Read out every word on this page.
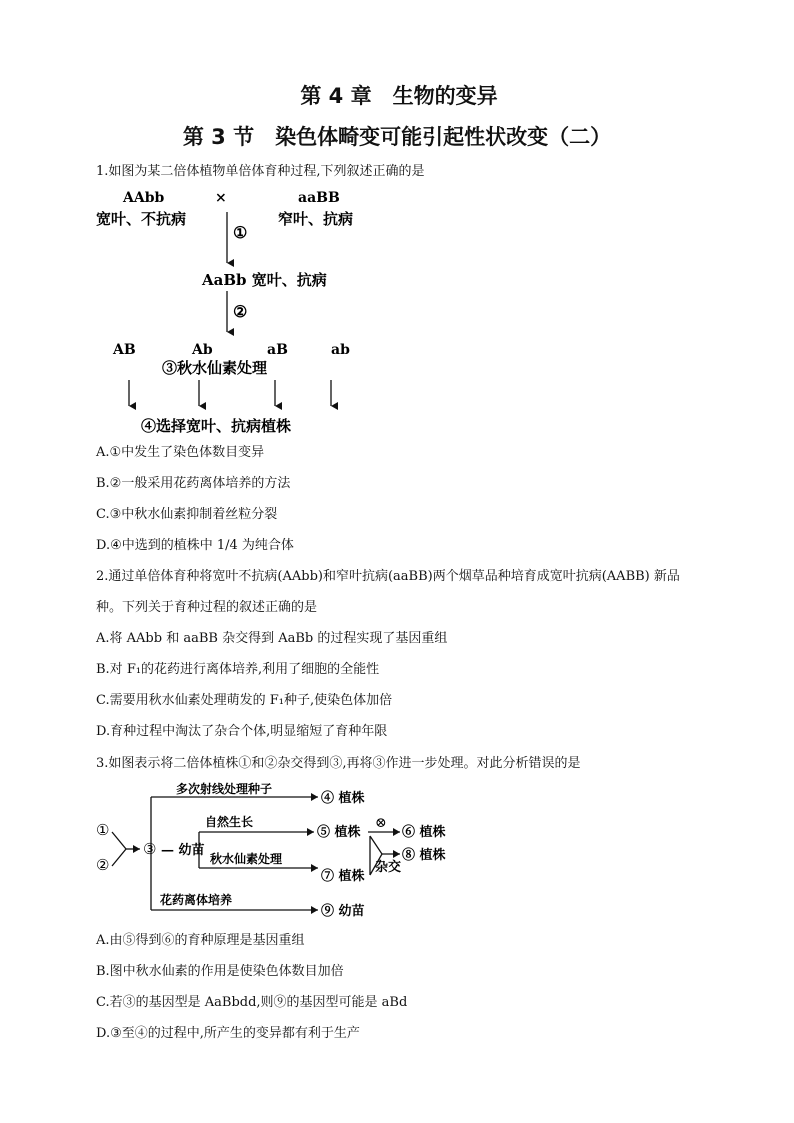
第 4 章　生物的变异
第 3 节　染色体畸变可能引起性状改变（二）
1.如图为某二倍体植物单倍体育种过程,下列叙述正确的是
AAbb
宽叶、不抗病
×	aaBB
窄叶、抗病
①
AaBb 宽叶、抗病
②
AB	Ab	aB	ab
③秋水仙素处理
④选择宽叶、抗病植株
A.①中发生了染色体数目变异
B.②一般采用花药离体培养的方法
C.③中秋水仙素抑制着丝粒分裂
D.④中选到的植株中 1/4 为纯合体
2.通过单倍体育种将宽叶不抗病(AAbb)和窄叶抗病(aaBB)两个烟草品种培育成宽叶抗病(AABB) 新品
种。下列关于育种过程的叙述正确的是
A.将 AAbb 和 aaBB 杂交得到 AaBb 的过程实现了基因重组
B.对 F₁的花药进行离体培养,利用了细胞的全能性
C.需要用秋水仙素处理萌发的 F₁种子,使染色体加倍
D.育种过程中淘汰了杂合个体,明显缩短了育种年限
3.如图表示将二倍体植株①和②杂交得到③,再将③作进一步处理。对此分析错误的是
①
②
③ — 幼苗
多次射线处理种子
④ 植株
自然生长
⑤ 植株
⊗
⑥ 植株
秋水仙素处理
⑦ 植株
杂交
⑧ 植株
花药离体培养
⑨ 幼苗
A.由⑤得到⑥的育种原理是基因重组
B.图中秋水仙素的作用是使染色体数目加倍
C.若③的基因型是 AaBbdd,则⑨的基因型可能是 aBd
D.③至④的过程中,所产生的变异都有利于生产
